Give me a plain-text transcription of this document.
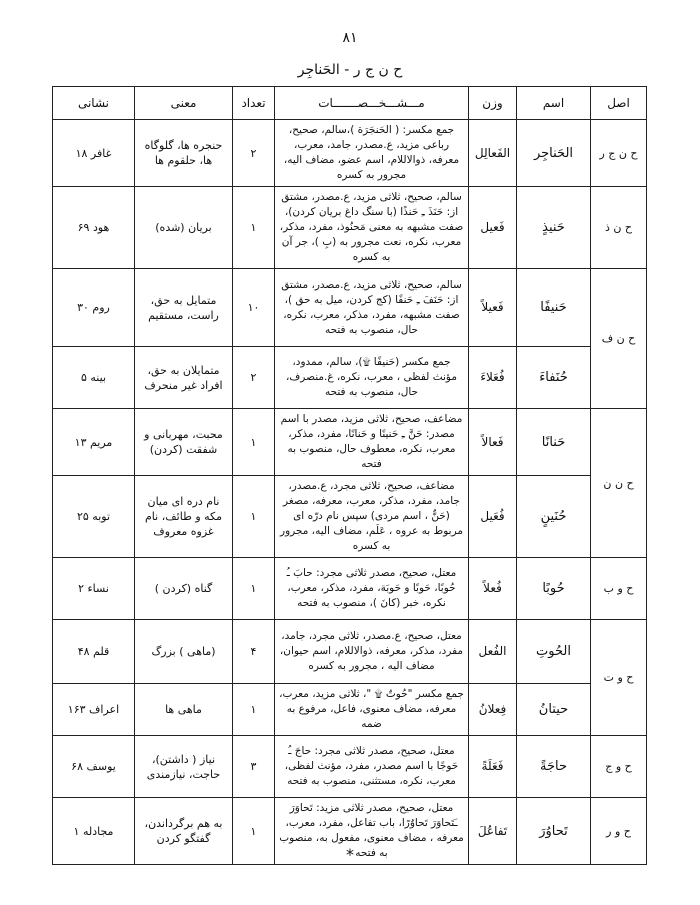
۸۱
ح ن ج ر - الحَناجِر
اصل	اسم	وزن	مـــشـــخـــصـــــــات	تعداد	معنی	نشانی
ح ن ج ر	الحَناجِر	الفَعالِل	جمع مکسر: ( الحَنجَرَة )،سالم، صحیح، رباعی مزید، ع.مصدر، جامد، معرب، معرفه، ذوالاللام، اسم عضو، مضاف الیه، مجرور به کسره	۲	حنجره ها، گلوگاه ها، حلقوم ها	غافر ۱۸
ح ن ذ	حَنیذٍ	فَعیل	سالم، صحیح، ثلاثی مزید، ع.مصدر، مشتق از: حَنَذَ ـِ حَنذًا (با سنگ داغ بریان کردن)، صفت مشبهه به معنی مَحنُوذ، مفرد، مذکر، معرب، نکره، نعت مجرور به (بِ )، جر آن به کسره	۱	بریان (شده)	هود ۶۹
ح ن ف	حَنیفًا	فَعیلاً	سالم، صحیح، ثلاثی مزید، ع.مصدر، مشتق از: حَنَفَ ـِ حَنفًا (کج کردن، میل به حق )، صفت مشبهه، مفرد، مذکر، معرب، نکره، حال، منصوب به فتحه	۱۰	متمایل به حق، راست، مستقیم	روم ۳۰
	حُنَفاءَ	فُعَلاءَ	جمع مکسر (حَنیفًا ۩)، سالم، ممدود، مؤنث لفظی ، معرب، نکره، غ.منصرف، حال، منصوب به فتحه	۲	متمایلان به حق، افراد غیر منحرف	بینه ۵
ح ن ن	حَنانًا	فَعالاً	مضاعف، صحیح، ثلاثی مزید، مصدر با اسم مصدر: حَنَّ ـِ حَنینًا و حَنانًا، مفرد، مذکر، معرب، نکره، معطوف حال، منصوب به فتحه	۱	محبت، مهربانی و شفقت (کردن)	مریم ۱۳
	حُنَینٍ	فُعَیل	مضاعف، صحیح، ثلاثی مجرد، ع.مصدر، جامد، مفرد، مذکر، معرب، معرفه، مصغر (حَنٌّ ، اسم مردی) سپس نام درّه ای مربوط به عروه ، عَلَم، مضاف الیه، مجرور به کسره	۱	نام دره ای میان مکه و طائف، نام غزوه معروف	توبه ۲۵
ح و ب	حُوبًا	فُعلاً	معتل، صحیح، مصدر ثلاثی مجرد: حابَ ـُ حُوبًا، حَوبًا و حَوبَة، مفرد، مذکر، معرب، نکره، خبر (کانَ )، منصوب به فتحه	۱	گناه (کردن )	نساء ۲
ح و ت	الحُوتِ	الفُعل	معتل، صحیح، ع.مصدر، ثلاثی مجرد، جامد، مفرد، مذکر، معرفه، ذوالاللام، اسم حیوان، مضاف الیه ، مجرور به کسره	۴	(ماهی ) بزرگ	قلم ۴۸
	حیتانُ	فِعلانُ	جمع مکسر "حُوتٌ ۩ "، ثلاثی مزید، معرب، معرفه، مضاف معنوی، فاعل، مرفوع به ضمه	۱	ماهی ها	اعراف ۱۶۳
ح و ج	حاجَةً	فَعَلَةً	معتل، صحیح، مصدر ثلاثی مجرد: حاجَ ـُ حَوجًا با اسم مصدر، مفرد، مؤنث لفظی، معرب، نکره، مستثنی، منصوب به فتحه	۳	نیاز ( داشتن)، حاجت، نیازمندی	یوسف ۶۸
ح و ر	تَحاوُرَ	تَفاعُلَ	معتل، صحیح، مصدر ثلاثی مزید: تَحاوَرَ ـَتَحاوَرَ تَحاوُرًا، باب تفاعل، مفرد، معرب، معرفه ، مضاف معنوی، مفعول به، منصوب به فتحه	۱	به هم برگرداندن، گفتگو کردن	مجادله ۱
*
